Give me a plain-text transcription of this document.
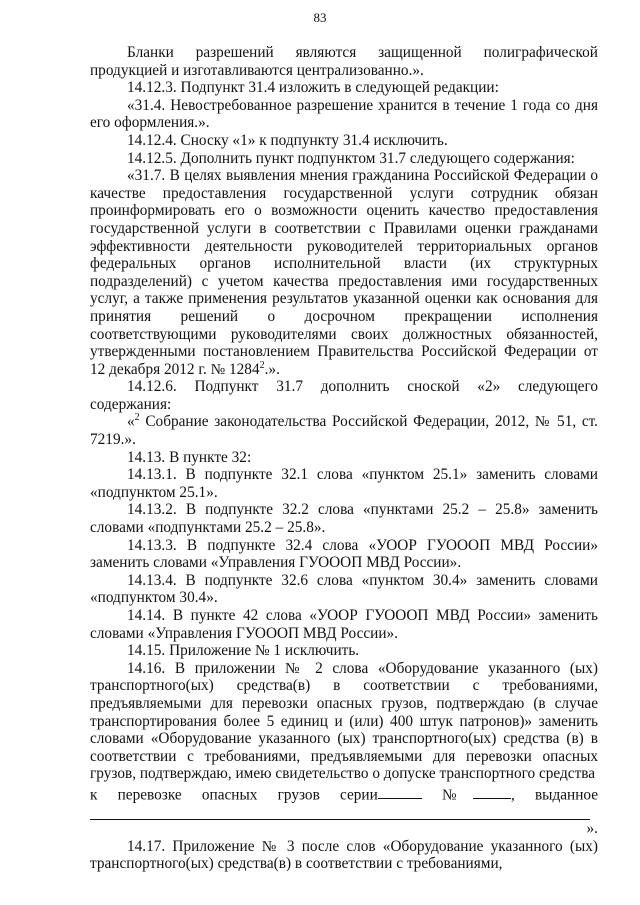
83

Бланки разрешений являются защищенной полиграфической продукцией и изготавливаются централизованно.».

14.12.3. Подпункт 31.4 изложить в следующей редакции:

«31.4. Невостребованное разрешение хранится в течение 1 года со дня его оформления.».

14.12.4. Сноску «1» к подпункту 31.4 исключить.

14.12.5. Дополнить пункт подпунктом 31.7 следующего содержания:

«31.7. В целях выявления мнения гражданина Российской Федерации о качестве предоставления государственной услуги сотрудник обязан проинформировать его о возможности оценить качество предоставления государственной услуги в соответствии с Правилами оценки гражданами эффективности деятельности руководителей территориальных органов федеральных органов исполнительной власти (их структурных подразделений) с учетом качества предоставления ими государственных услуг, а также применения результатов указанной оценки как основания для принятия решений о досрочном прекращении исполнения соответствующими руководителями своих должностных обязанностей, утвержденными постановлением Правительства Российской Федерации от 12 декабря 2012 г. № 1284$^2$.».

14.12.6. Подпункт 31.7 дополнить сноской «2» следующего содержания:

«$^2$ Собрание законодательства Российской Федерации, 2012, № 51, ст. 7219.».

14.13. В пункте 32:

14.13.1. В подпункте 32.1 слова «пунктом 25.1» заменить словами «подпунктом 25.1».

14.13.2. В подпункте 32.2 слова «пунктами 25.2 – 25.8» заменить словами «подпунктами 25.2 – 25.8».

14.13.3. В подпункте 32.4 слова «УООР ГУОООП МВД России» заменить словами «Управления ГУОООП МВД России».

14.13.4. В подпункте 32.6 слова «пунктом 30.4» заменить словами «подпунктом 30.4».

14.14. В пункте 42 слова «УООР ГУОООП МВД России» заменить словами «Управления ГУОООП МВД России».

14.15. Приложение № 1 исключить.

14.16. В приложении № 2 слова «Оборудование указанного (ых) транспортного(ых) средства(в) в соответствии с требованиями, предъявляемыми для перевозки опасных грузов, подтверждаю (в случае транспортирования более 5 единиц и (или) 400 штук патронов)» заменить словами «Оборудование указанного (ых) транспортного(ых) средства (в) в соответствии с требованиями, предъявляемыми для перевозки опасных грузов, подтверждаю, имею свидетельство о допуске транспортного средства

к перевозке опасных грузов серии	№ , выданное

».

14.17. Приложение № 3 после слов «Оборудование указанного (ых) транспортного(ых) средства(в) в соответствии с требованиями,
